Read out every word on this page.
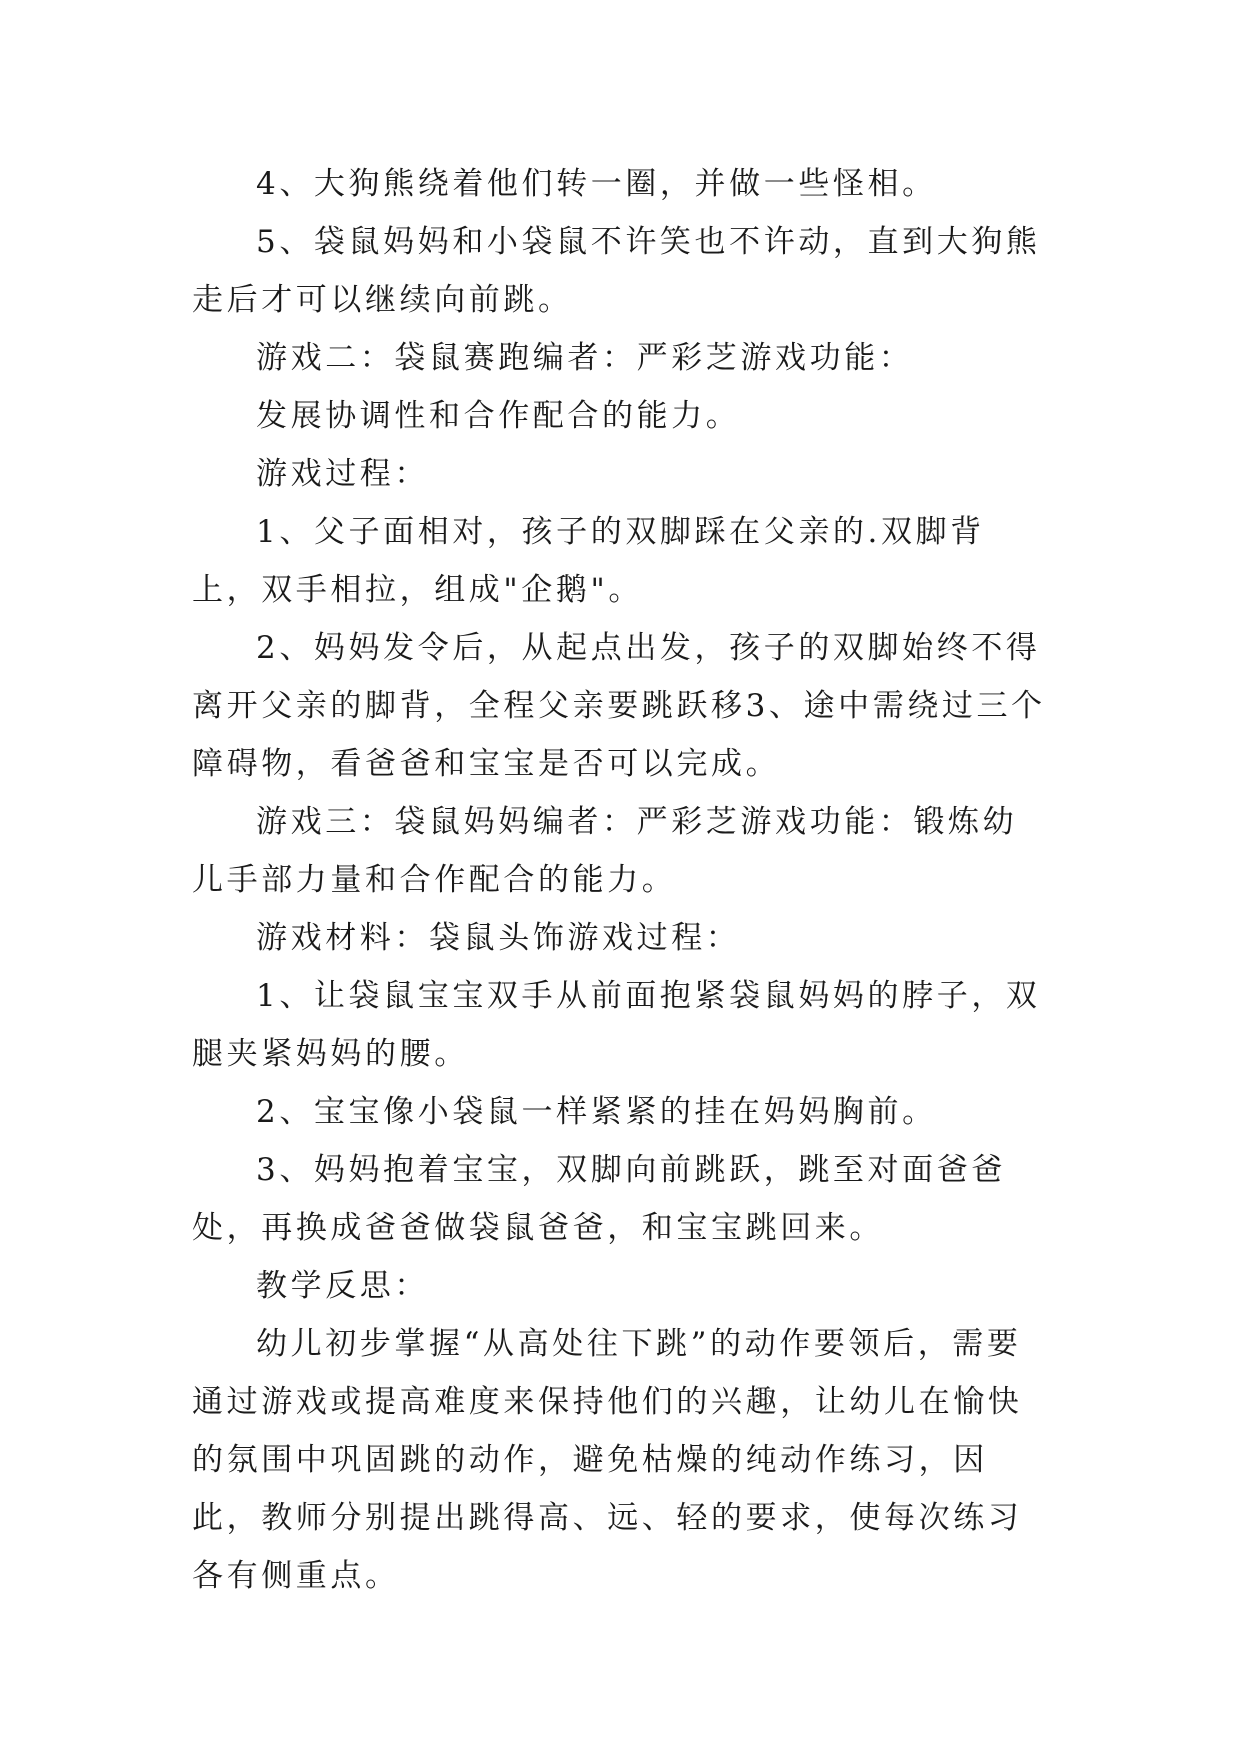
4、大狗熊绕着他们转一圈，并做一些怪相。

5、袋鼠妈妈和小袋鼠不许笑也不许动，直到大狗熊走后才可以继续向前跳。

游戏二：袋鼠赛跑编者：严彩芝游戏功能：

发展协调性和合作配合的能力。

游戏过程：

1、父子面相对，孩子的双脚踩在父亲的.双脚背上，双手相拉，组成"企鹅"。

2、妈妈发令后，从起点出发，孩子的双脚始终不得离开父亲的脚背，全程父亲要跳跃移3、途中需绕过三个障碍物，看爸爸和宝宝是否可以完成。

游戏三：袋鼠妈妈编者：严彩芝游戏功能：锻炼幼儿手部力量和合作配合的能力。

游戏材料：袋鼠头饰游戏过程：

1、让袋鼠宝宝双手从前面抱紧袋鼠妈妈的脖子，双腿夹紧妈妈的腰。

2、宝宝像小袋鼠一样紧紧的挂在妈妈胸前。

3、妈妈抱着宝宝，双脚向前跳跃，跳至对面爸爸处，再换成爸爸做袋鼠爸爸，和宝宝跳回来。

教学反思：

幼儿初步掌握“从高处往下跳”的动作要领后，需要通过游戏或提高难度来保持他们的兴趣，让幼儿在愉快的氛围中巩固跳的动作，避免枯燥的纯动作练习，因此，教师分别提出跳得高、远、轻的要求，使每次练习各有侧重点。
